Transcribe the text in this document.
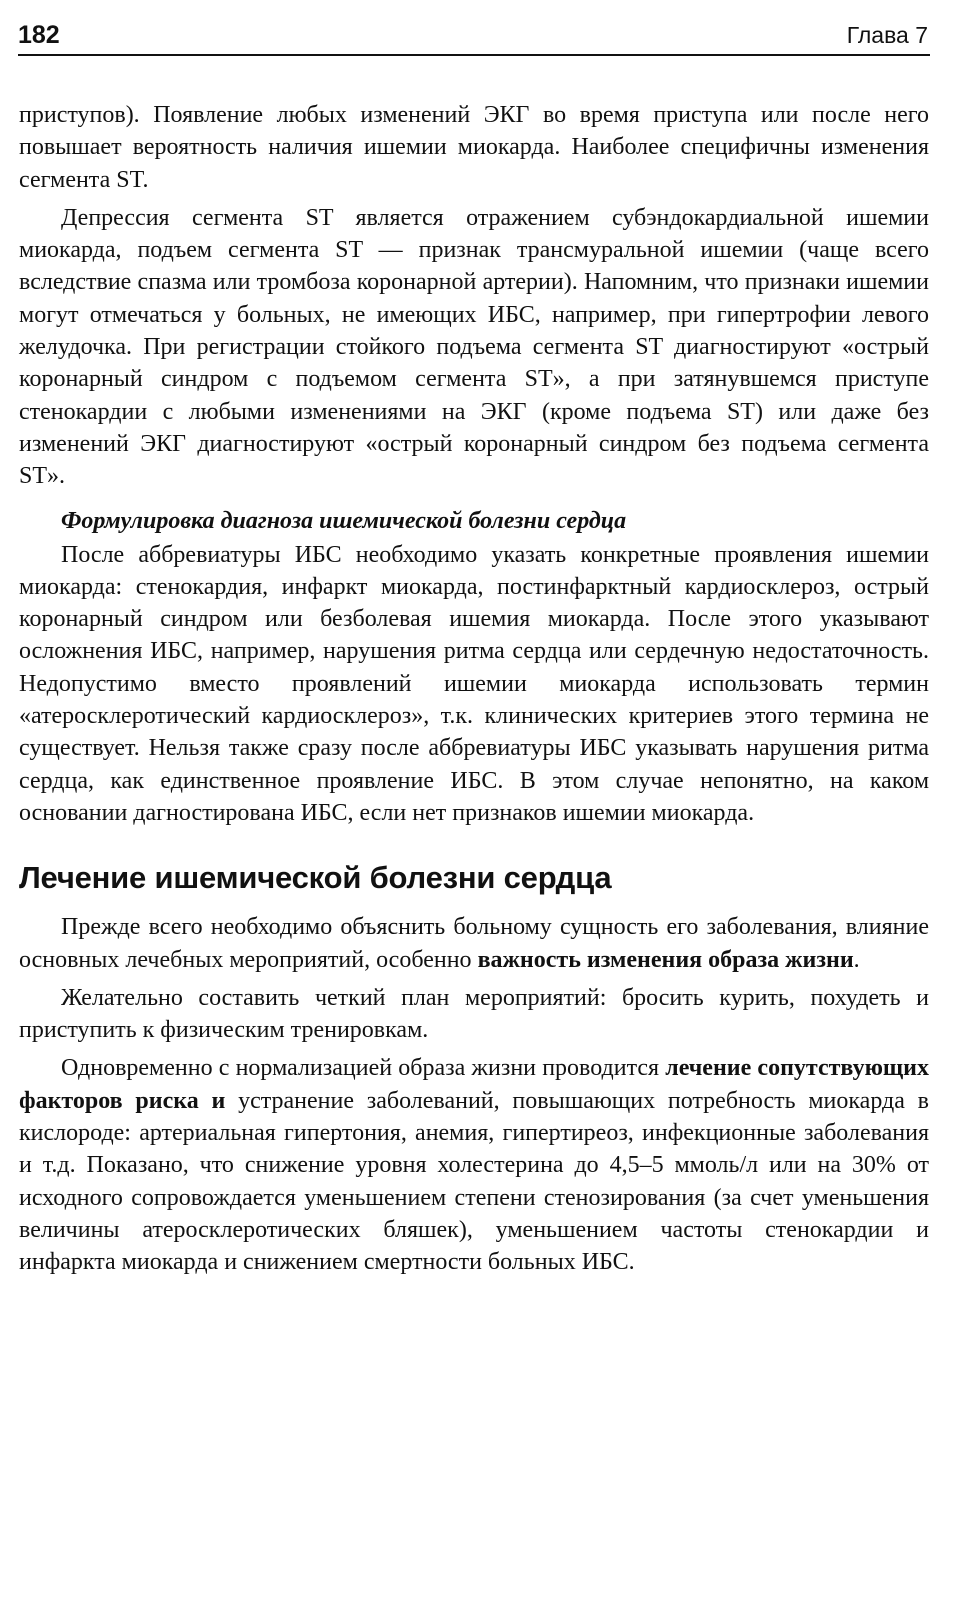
182	Глава 7

приступов). Появление любых изменений ЭКГ во время приступа или после него повышает вероятность наличия ишемии миокарда. Наиболее специфичны изменения сегмента ST.

Депрессия сегмента ST является отражением субэндокардиальной ишемии миокарда, подъем сегмента ST — признак трансмуральной ишемии (чаще всего вследствие спазма или тромбоза коронарной артерии). Напомним, что признаки ишемии могут отмечаться у больных, не имеющих ИБС, например, при гипертрофии левого желудочка. При регистрации стойкого подъема сегмента ST диагностируют «острый коронарный синдром с подъемом сегмента ST», а при затянувшемся приступе стенокардии с любыми изменениями на ЭКГ (кроме подъема ST) или даже без изменений ЭКГ диагностируют «острый коронарный синдром без подъема сегмента ST».

Формулировка диагноза ишемической болезни сердца

После аббревиатуры ИБС необходимо указать конкретные проявления ишемии миокарда: стенокардия, инфаркт миокарда, постинфарктный кардиосклероз, острый коронарный синдром или безболевая ишемия миокарда. После этого указывают осложнения ИБС, например, нарушения ритма сердца или сердечную недостаточность. Недопустимо вместо проявлений ишемии миокарда использовать термин «атеросклеротический кардиосклероз», т.к. клинических критериев этого термина не существует. Нельзя также сразу после аббревиатуры ИБС указывать нарушения ритма сердца, как единственное проявление ИБС. В этом случае непонятно, на каком основании дагностирована ИБС, если нет признаков ишемии миокарда.

Лечение ишемической болезни сердца

Прежде всего необходимо объяснить больному сущность его заболевания, влияние основных лечебных мероприятий, особенно важность изменения образа жизни.

Желательно составить четкий план мероприятий: бросить курить, похудеть и приступить к физическим тренировкам.

Одновременно с нормализацией образа жизни проводится лечение сопутствующих факторов риска и устранение заболеваний, повышающих потребность миокарда в кислороде: артериальная гипертония, анемия, гипертиреоз, инфекционные заболевания и т.д. Показано, что снижение уровня холестерина до 4,5–5 ммоль/л или на 30% от исходного сопровождается уменьшением степени стенозирования (за счет уменьшения величины атеросклеротических бляшек), уменьшением частоты стенокардии и инфаркта миокарда и снижением смертности больных ИБС.
